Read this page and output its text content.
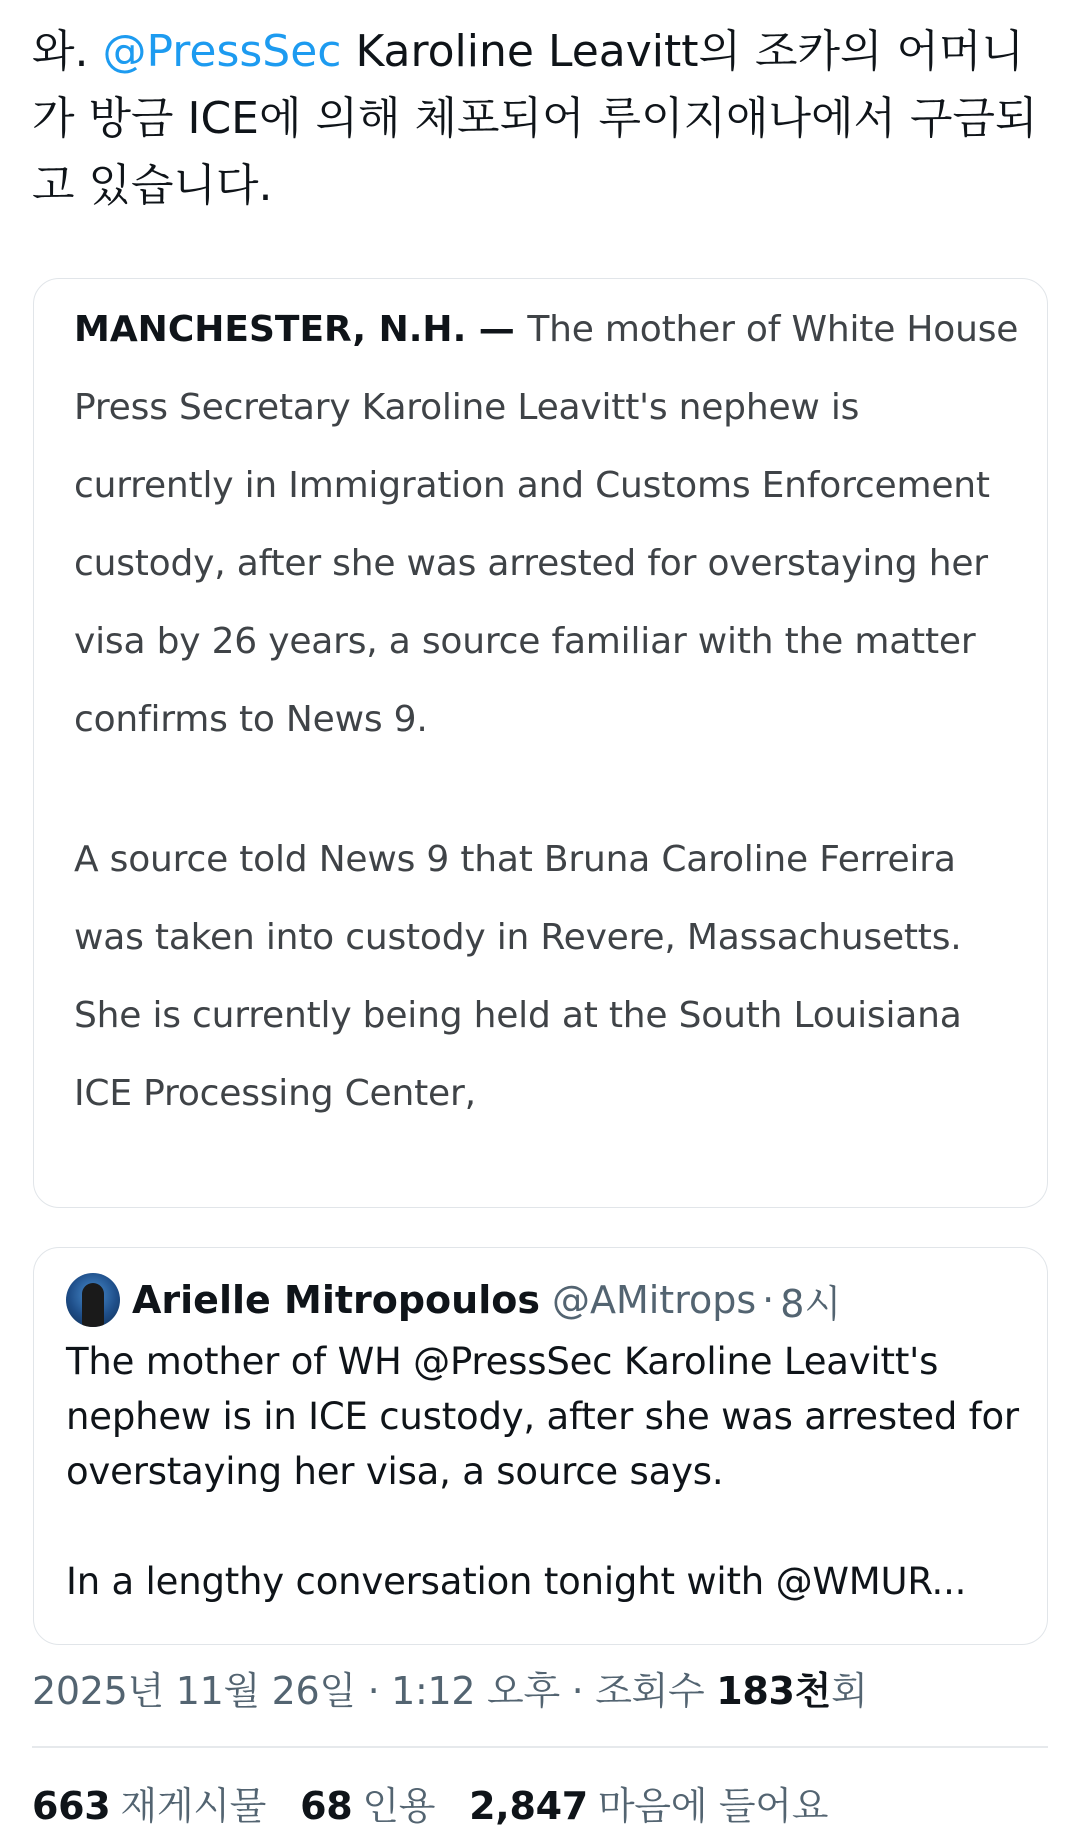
와. @PressSec Karoline Leavitt의 조카의 어머니가 방금 ICE에 의해 체포되어 루이지애나에서 구금되고 있습니다.

MANCHESTER, N.H. — The mother of White House Press Secretary Karoline Leavitt's nephew is currently in Immigration and Customs Enforcement custody, after she was arrested for overstaying her visa by 26 years, a source familiar with the matter confirms to News 9.

A source told News 9 that Bruna Caroline Ferreira was taken into custody in Revere, Massachusetts. She is currently being held at the South Louisiana ICE Processing Center,

Arielle Mitropoulos @AMitrops · 8시

The mother of WH @PressSec Karoline Leavitt's nephew is in ICE custody, after she was arrested for overstaying her visa, a source says.

In a lengthy conversation tonight with @WMUR...

2025년 11월 26일 · 1:12 오후 · 조회수 183천회
663 재게시물 68 인용 2,847 마음에 들어요
